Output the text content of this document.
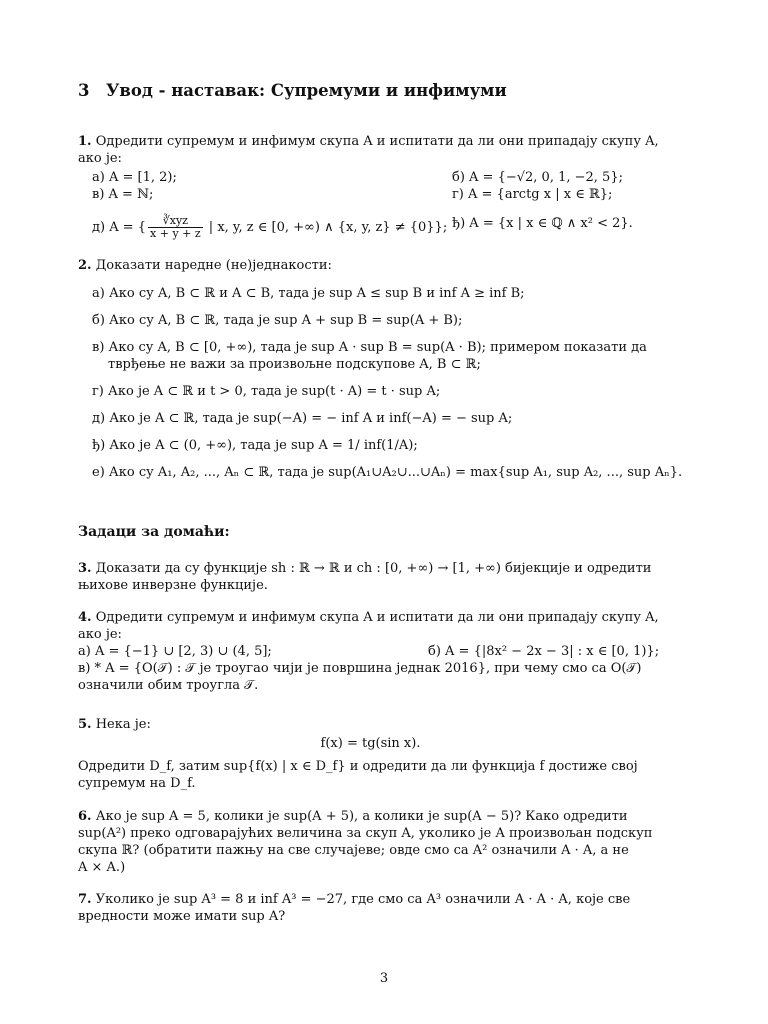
3 Увод - наставак: Супремуми и инфимуми

1. Одредити супремум и инфимум скупа A и испитати да ли они припадају скупу A, ако је:

а) A = [1, 2);	б) A = {−√2, 0, 1, −2, 5};
в) A = ℕ;	г) A = {arctg x | x ∈ ℝ};
д) A = { $\frac{\text{∛xyz}}{x + y + z}$ | x, y, z ∈ [0, +∞) ∧ {x, y, z} ≠ {0}}; ђ) A = {x | x ∈ ℚ ∧ x² < 2}.

2. Доказати наредне (не)једнакости:

а) Ако су A, B ⊂ ℝ и A ⊂ B, тада је sup A ≤ sup B и inf A ≥ inf B;

б) Ако су A, B ⊂ ℝ, тада је sup A + sup B = sup(A + B);

в) Ако су A, B ⊂ [0, +∞), тада је sup A · sup B = sup(A · B); примером показати да

тврђење не важи за произвољне подскупове A, B ⊂ ℝ;

г) Ако је A ⊂ ℝ и t > 0, тада је sup(t · A) = t · sup A;

д) Ако је A ⊂ ℝ, тада је sup(−A) = − inf A и inf(−A) = − sup A;

ђ) Ако је A ⊂ (0, +∞), тада је sup A = 1/ inf(1/A);

е) Ако су A₁, A₂, ..., Aₙ ⊂ ℝ, тада је sup(A₁∪A₂∪...∪Aₙ) = max{sup A₁, sup A₂, ..., sup Aₙ}.

Задаци за домаћи:

3. Доказати да су функције sh : ℝ → ℝ и ch : [0, +∞) → [1, +∞) бијекције и одредити

њихове инверзне функције.

4. Одредити супремум и инфимум скупа A и испитати да ли они припадају скупу A,

ако је:

а) A = {−1} ∪ [2, 3) ∪ (4, 5];	б) A = {|8x² − 2x − 3| : x ∈ [0, 1)};

в) * A = {O(𝒯) : 𝒯 је троугао чији је површина једнак 2016}, при чему смо са O(𝒯)

означили обим троугла 𝒯.

5. Нека је:

f(x) = tg(sin x).

Одредити D_f, затим sup{f(x) | x ∈ D_f} и одредити да ли функција f достиже свој

супремум на D_f.

6. Ако је sup A = 5, колики је sup(A + 5), а колики је sup(A − 5)? Како одредити

sup(A²) преко одговарајућих величина за скуп A, уколико је A произвољан подскуп

скупа ℝ? (обратити пажњу на све случајеве; овде смо са A² означили A · A, а не

A × A.)

7. Уколико је sup A³ = 8 и inf A³ = −27, где смо са A³ означили A · A · A, које све

вредности може имати sup A?

3
